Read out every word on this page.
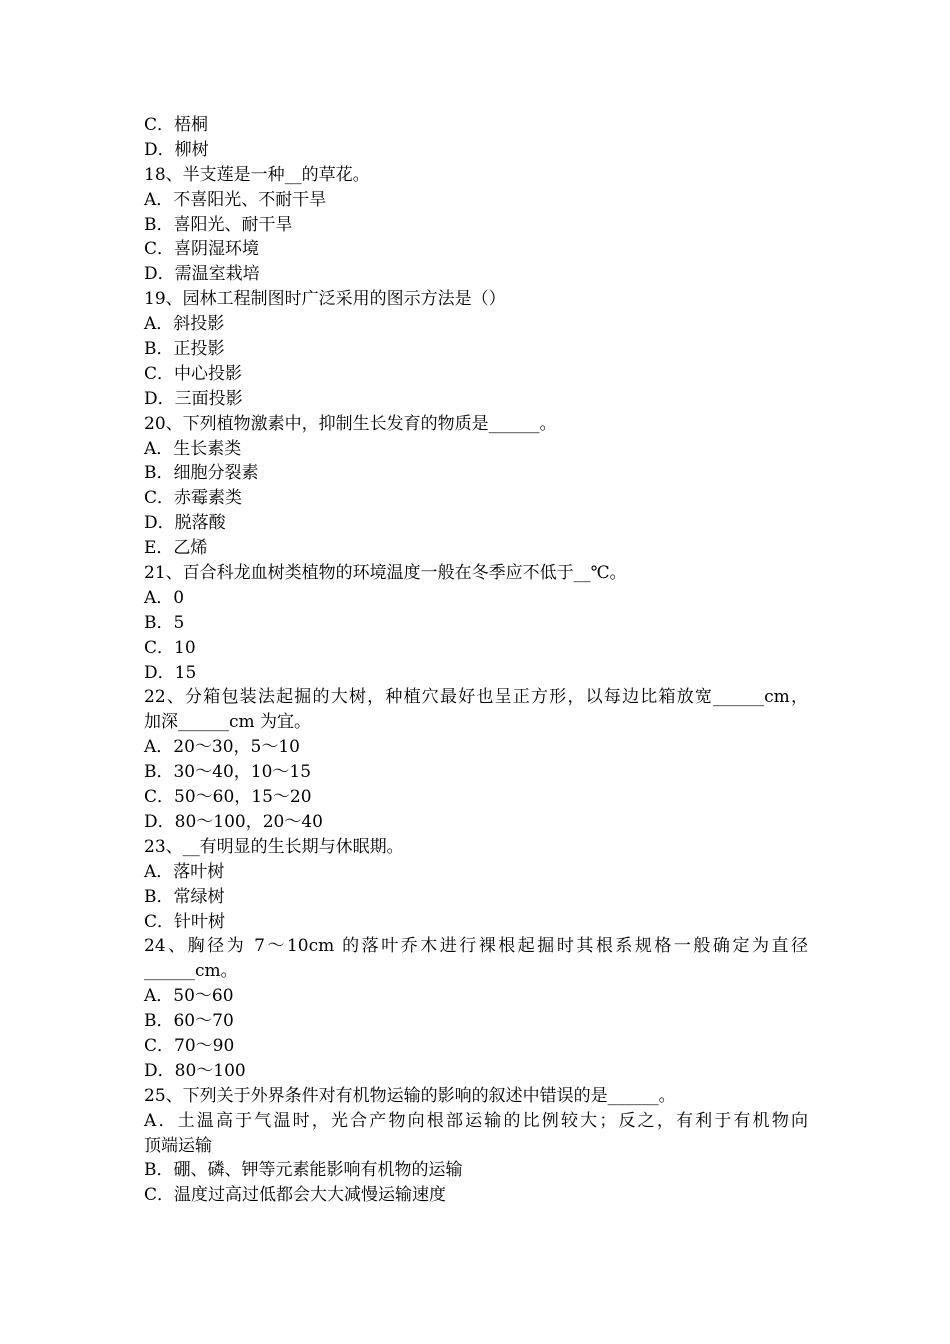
C．梧桐
D．柳树
18、半支莲是一种__的草花。
A．不喜阳光、不耐干旱
B．喜阳光、耐干旱
C．喜阴湿环境
D．需温室栽培
19、园林工程制图时广泛采用的图示方法是（）
A．斜投影
B．正投影
C．中心投影
D．三面投影
20、下列植物激素中，抑制生长发育的物质是______。
A．生长素类
B．细胞分裂素
C．赤霉素类
D．脱落酸
E．乙烯
21、百合科龙血树类植物的环境温度一般在冬季应不低于__℃。
A．0
B．5
C．10
D．15
22、分箱包装法起掘的大树，种植穴最好也呈正方形，以每边比箱放宽______cm，
加深______cm 为宜。
A．20～30，5～10
B．30～40，10～15
C．50～60，15～20
D．80～100，20～40
23、__有明显的生长期与休眠期。
A．落叶树
B．常绿树
C．针叶树
24、胸径为 7～10cm 的落叶乔木进行裸根起掘时其根系规格一般确定为直径
______cm。
A．50～60
B．60～70
C．70～90
D．80～100
25、下列关于外界条件对有机物运输的影响的叙述中错误的是______。
A．土温高于气温时，光合产物向根部运输的比例较大；反之，有利于有机物向
顶端运输
B．硼、磷、钾等元素能影响有机物的运输
C．温度过高过低都会大大减慢运输速度
